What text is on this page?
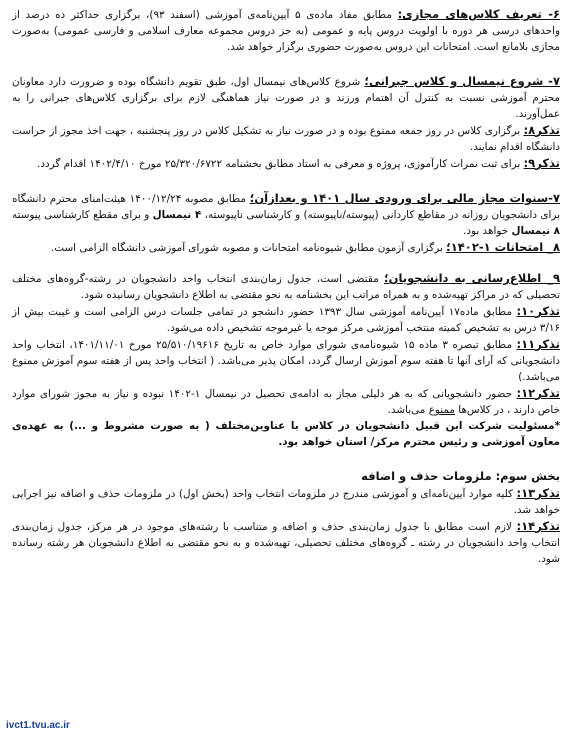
۶- تعریف کلاس‌های مجازی: مطابق مفاد ماده‌ی ۵ آیین‌نامه‌ی آموزشی (اسفند ۹۳)، برگزاری حداکثر ده درصد از واحدهای درسی هر دوره با اولویت دروس پایه و عمومی (به جز دروس مجموعه معارف اسلامی و فارسی عمومی) به‌صورت مجازی بلامانع است. امتحانات این دروس به‌صورت حضوری برگزار خواهد شد.

۷- شروع نیمسال و کلاس جبرانی؛ شروع کلاس‌های نیمسال اول، طبق تقویم دانشگاه بوده و ضرورت دارد معاونان محترم آموزشی نسبت به کنترل آن اهتمام ورزند و در صورت نیاز هماهنگی لازم برای برگزاری کلاس‌های جبرانی را به عمل‌آورند.

تذکر۸: برگزاری کلاس در روز جمعه ممنوع بوده و در صورت نیاز به تشکیل کلاس در روز پنجشنبه ، جهت اخذ مجوز از حراست دانشگاه اقدام نمایند.

تذکر۹: برای ثبت نمرات کارآموزی، پروژه و معرفی به استاد مطابق بخشنامه ۲۵/۳۲۰/۶۷۲۲ مورخ ۱۴۰۲/۴/۱۰ اقدام گردد.

۷-سنوات مجاز مالی برای ورودی سال ۱۴۰۱ و بعدازآن؛ مطابق مصوبه ۱۴۰۰/۱۲/۲۴ هیئت‌امنای محترم دانشگاه برای دانشجویان روزانه در مقاطع کاردانی (پیوسته/ناپیوسته) و کارشناسی ناپیوسته، ۴ نیمسال و برای مقطع کارشناسی پیوسته ۸ نیمسال خواهد بود.

۸_ امتحانات ۱-۱۴۰۲؛ برگزاری آزمون مطابق شیوه‌نامه امتحانات و مصوبه شورای آموزشی دانشگاه الزامی است.

۹_ اطلاع‌رسانی به دانشجویان؛ مقتضی است، جدول زمان‌بندی انتخاب واحد دانشجویان در رشته-گروه‌های مختلف تحصیلی که در مراکز تهیه‌شده و به همراه مراتب این بخشنامه به نحو مقتضی به اطلاع دانشجویان رسانیده شود.

تذکر۱۰: مطابق ماده۱۷ آیین‌نامه آموزشی سال ۱۳۹۳ حضور دانشجو در تمامی جلسات درس الزامی است و غیبت بیش از ۳/۱۶ درس به تشخیص کمیته منتخب آموزشی مرکز موجه یا غیرموجه تشخیص داده می‌شود.

تذکر۱۱: مطابق تبصره ۳ ماده ۱۵ شیوه‌نامه‌ی شورای موارد خاص به تاریخ ۲۵/۵۱۰/۱۹۶۱۶ مورخ ۱۴۰۱/۱۱/۰۱، انتخاب واحد دانشجویانی که آرای آنها تا هفته سوم آموزش ارسال گردد، امکان پذیر می‌باشد. ( انتخاب واحد پس از هفته سوم آموزش ممنوع می‌باشد.)

تذکر۱۲: حضور دانشجویانی که به هر دلیلی مجاز به ادامه‌ی تحصیل در نیمسال ۱-۱۴۰۲ نبوده و نیاز به مجوز شورای موارد خاص دارند ، در کلاس‌ها ممنوع می‌باشد.

*مسئولیت شرکت این قبیل دانشجویان در کلاس با عناوین‌مختلف ( به صورت مشروط و ...) به عهده‌ی معاون آموزشی و رئیس محترم مرکز/ استان خواهد بود.

بخش سوم: ملزومات حذف و اضافه

تذکر۱۳: کلیه موارد آیین‌نامه‌ای و آموزشی مندرج در ملزومات انتخاب واحد (بخش اول) در ملزومات حذف و اضافه نیز اجرایی خواهد شد.

تذکر۱۴: لازم است مطابق با جدول زمان‌بندی حذف و اضافه و متناسب با رشته‌های موجود در هر مرکز، جدول زمان‌بندی انتخاب واحد دانشجویان در رشته ـ گروه‌های مختلف تحصیلی، تهیه‌شده و به نحو مقتضی به اطلاع دانشجویان هر رشته رسانده شود.

ivct1.tvu.ac.ir
